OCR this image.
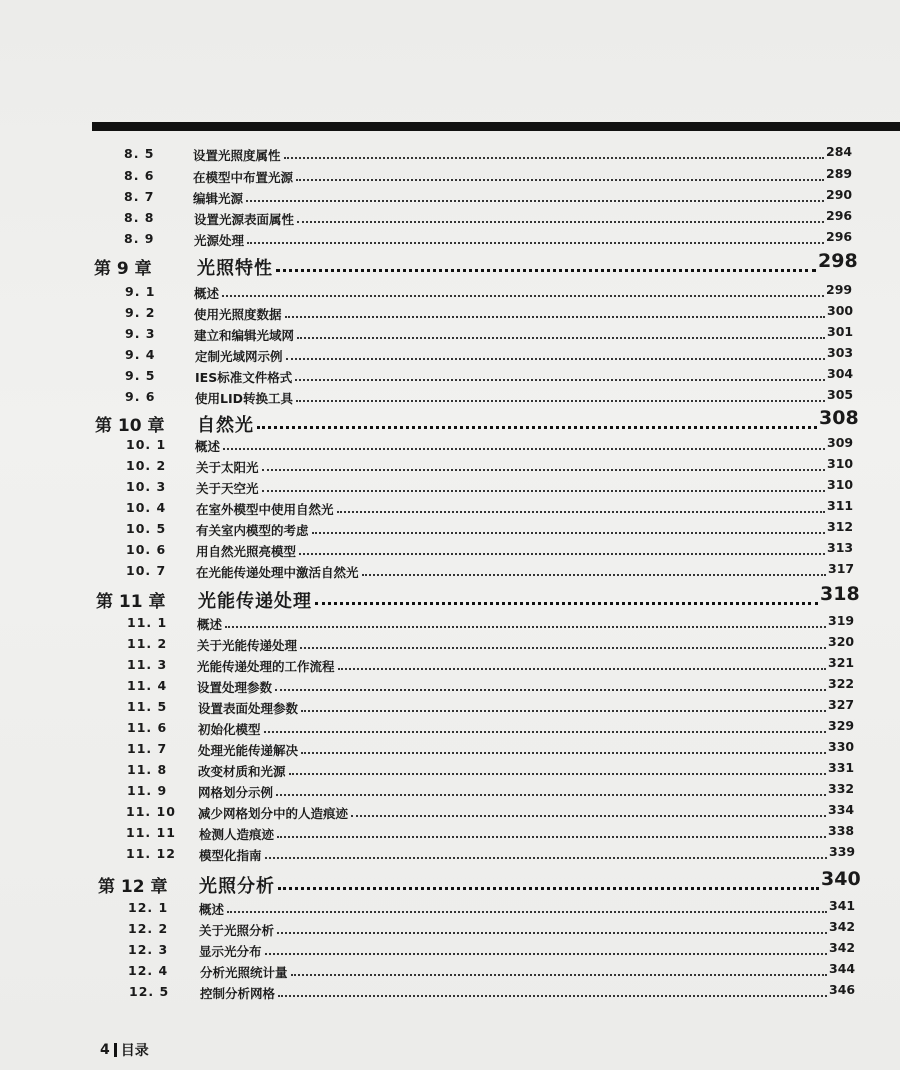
8. 5	设置光照度属性	284
8. 6	在模型中布置光源	289
8. 7	编辑光源	290
8. 8	设置光源表面属性	296
8. 9	光源处理	296
第 9 章	光照特性	298
9. 1	概述	299
9. 2	使用光照度数据	300
9. 3	建立和编辑光域网	301
9. 4	定制光域网示例	303
9. 5	IES标准文件格式	304
9. 6	使用LID转换工具	305
第 10 章 自然光	308
10. 1 概述	309
10. 2 关于太阳光	310
10. 3 关于天空光	310
10. 4 在室外模型中使用自然光	311
10. 5 有关室内模型的考虑	312
10. 6 用自然光照亮模型	313
10. 7 在光能传递处理中激活自然光	317
第 11 章 光能传递处理	318
11. 1 概述	319
11. 2 关于光能传递处理	320
11. 3 光能传递处理的工作流程	321
11. 4 设置处理参数	322
11. 5 设置表面处理参数	327
11. 6 初始化模型	329
11. 7 处理光能传递解决	330
11. 8 改变材质和光源	331
11. 9 网格划分示例	332
11. 10 减少网格划分中的人造痕迹	334
11. 11 检测人造痕迹	338
11. 12 模型化指南	339
第 12 章 光照分析	340
12. 1 概述	341
12. 2 关于光照分析	342
12. 3 显示光分布	342
12. 4	分析光照统计量	344
12. 5 控制分析网格	346
4 目录
